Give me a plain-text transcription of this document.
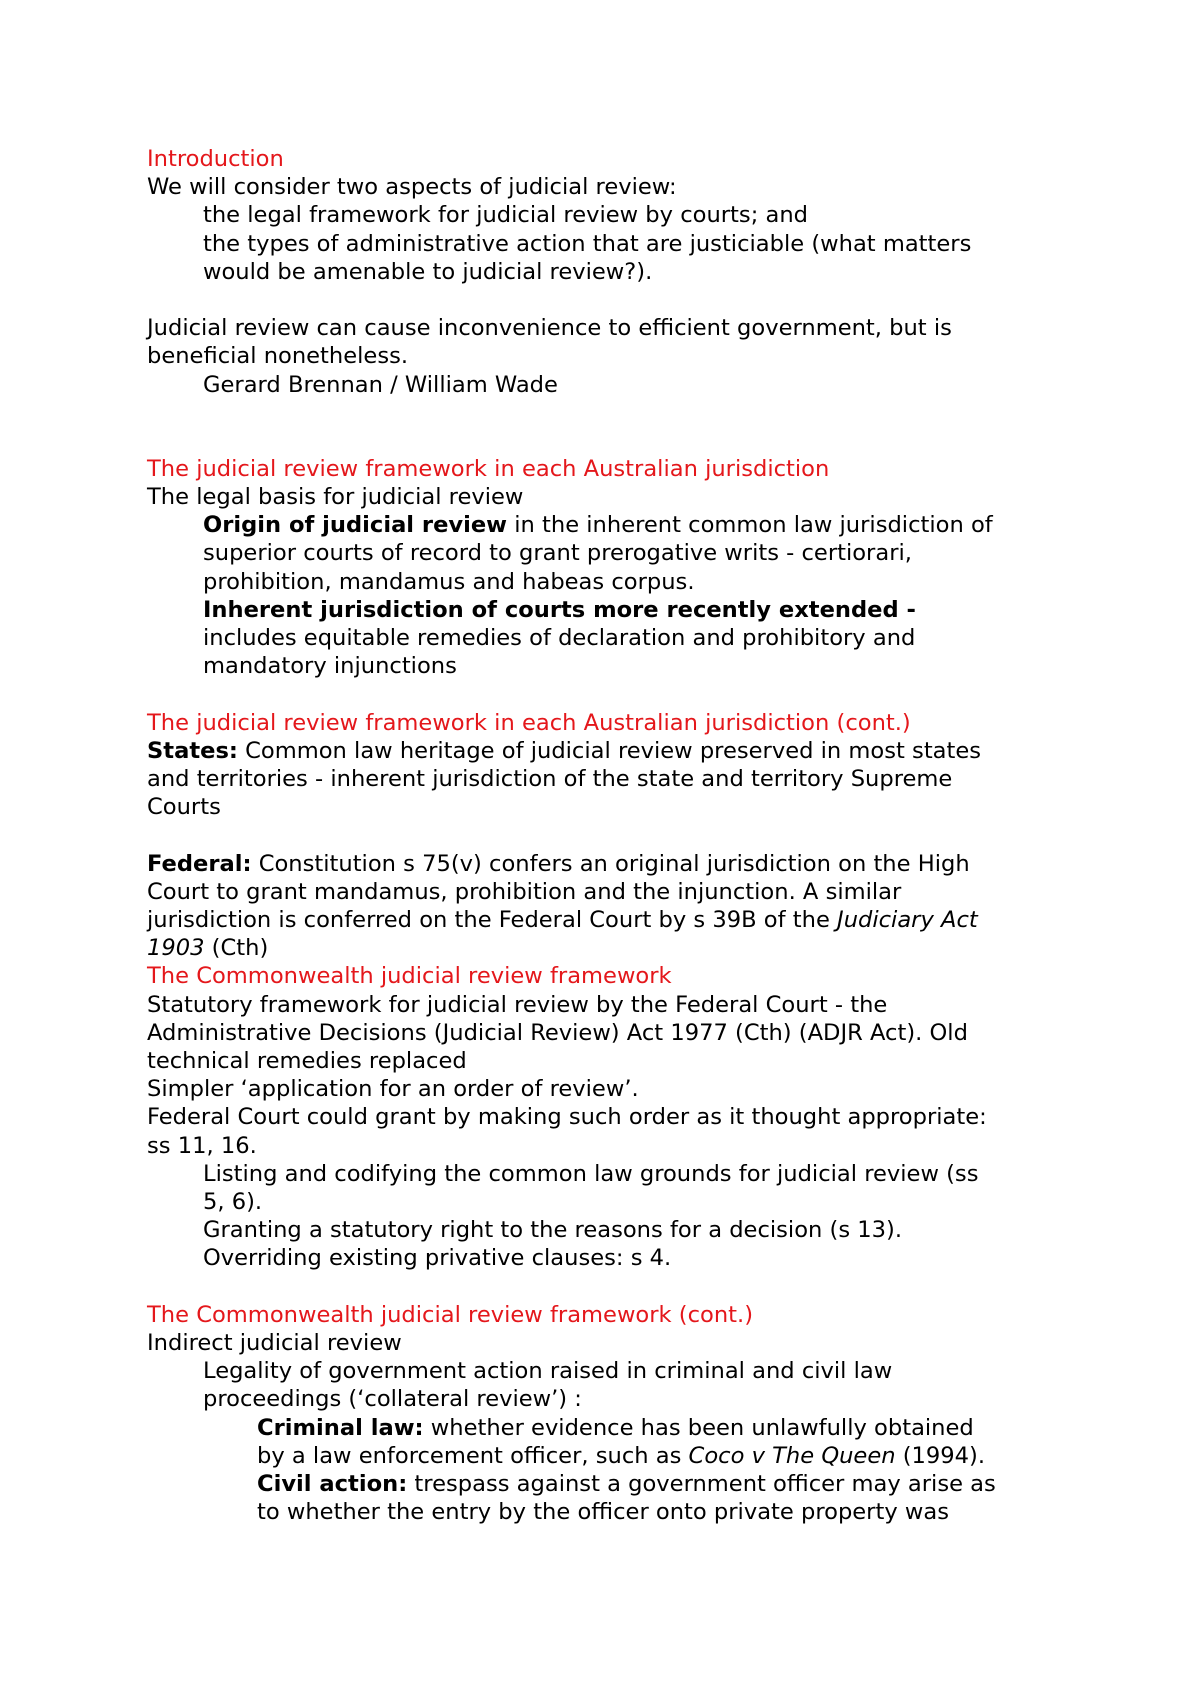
Introduction
We will consider two aspects of judicial review:
the legal framework for judicial review by courts; and
the types of administrative action that are justiciable (what matters
would be amenable to judicial review?).
Judicial review can cause inconvenience to efficient government, but is
beneficial nonetheless.
Gerard Brennan / William Wade
The judicial review framework in each Australian jurisdiction
The legal basis for judicial review
Origin of judicial review in the inherent common law jurisdiction of
superior courts of record to grant prerogative writs - certiorari,
prohibition, mandamus and habeas corpus.
Inherent jurisdiction of courts more recently extended -
includes equitable remedies of declaration and prohibitory and
mandatory injunctions
The judicial review framework in each Australian jurisdiction (cont.)
States: Common law heritage of judicial review preserved in most states
and territories - inherent jurisdiction of the state and territory Supreme
Courts
Federal: Constitution s 75(v) confers an original jurisdiction on the High
Court to grant mandamus, prohibition and the injunction. A similar
jurisdiction is conferred on the Federal Court by s 39B of the Judiciary Act
1903 (Cth)
The Commonwealth judicial review framework
Statutory framework for judicial review by the Federal Court - the
Administrative Decisions (Judicial Review) Act 1977 (Cth) (ADJR Act). Old
technical remedies replaced
Simpler ‘application for an order of review’.
Federal Court could grant by making such order as it thought appropriate:
ss 11, 16.
Listing and codifying the common law grounds for judicial review (ss
5, 6).
Granting a statutory right to the reasons for a decision (s 13).
Overriding existing privative clauses: s 4.
The Commonwealth judicial review framework (cont.)
Indirect judicial review
Legality of government action raised in criminal and civil law
proceedings (‘collateral review’) :
Criminal law: whether evidence has been unlawfully obtained
by a law enforcement officer, such as Coco v The Queen (1994).
Civil action: trespass against a government officer may arise as
to whether the entry by the officer onto private property was
